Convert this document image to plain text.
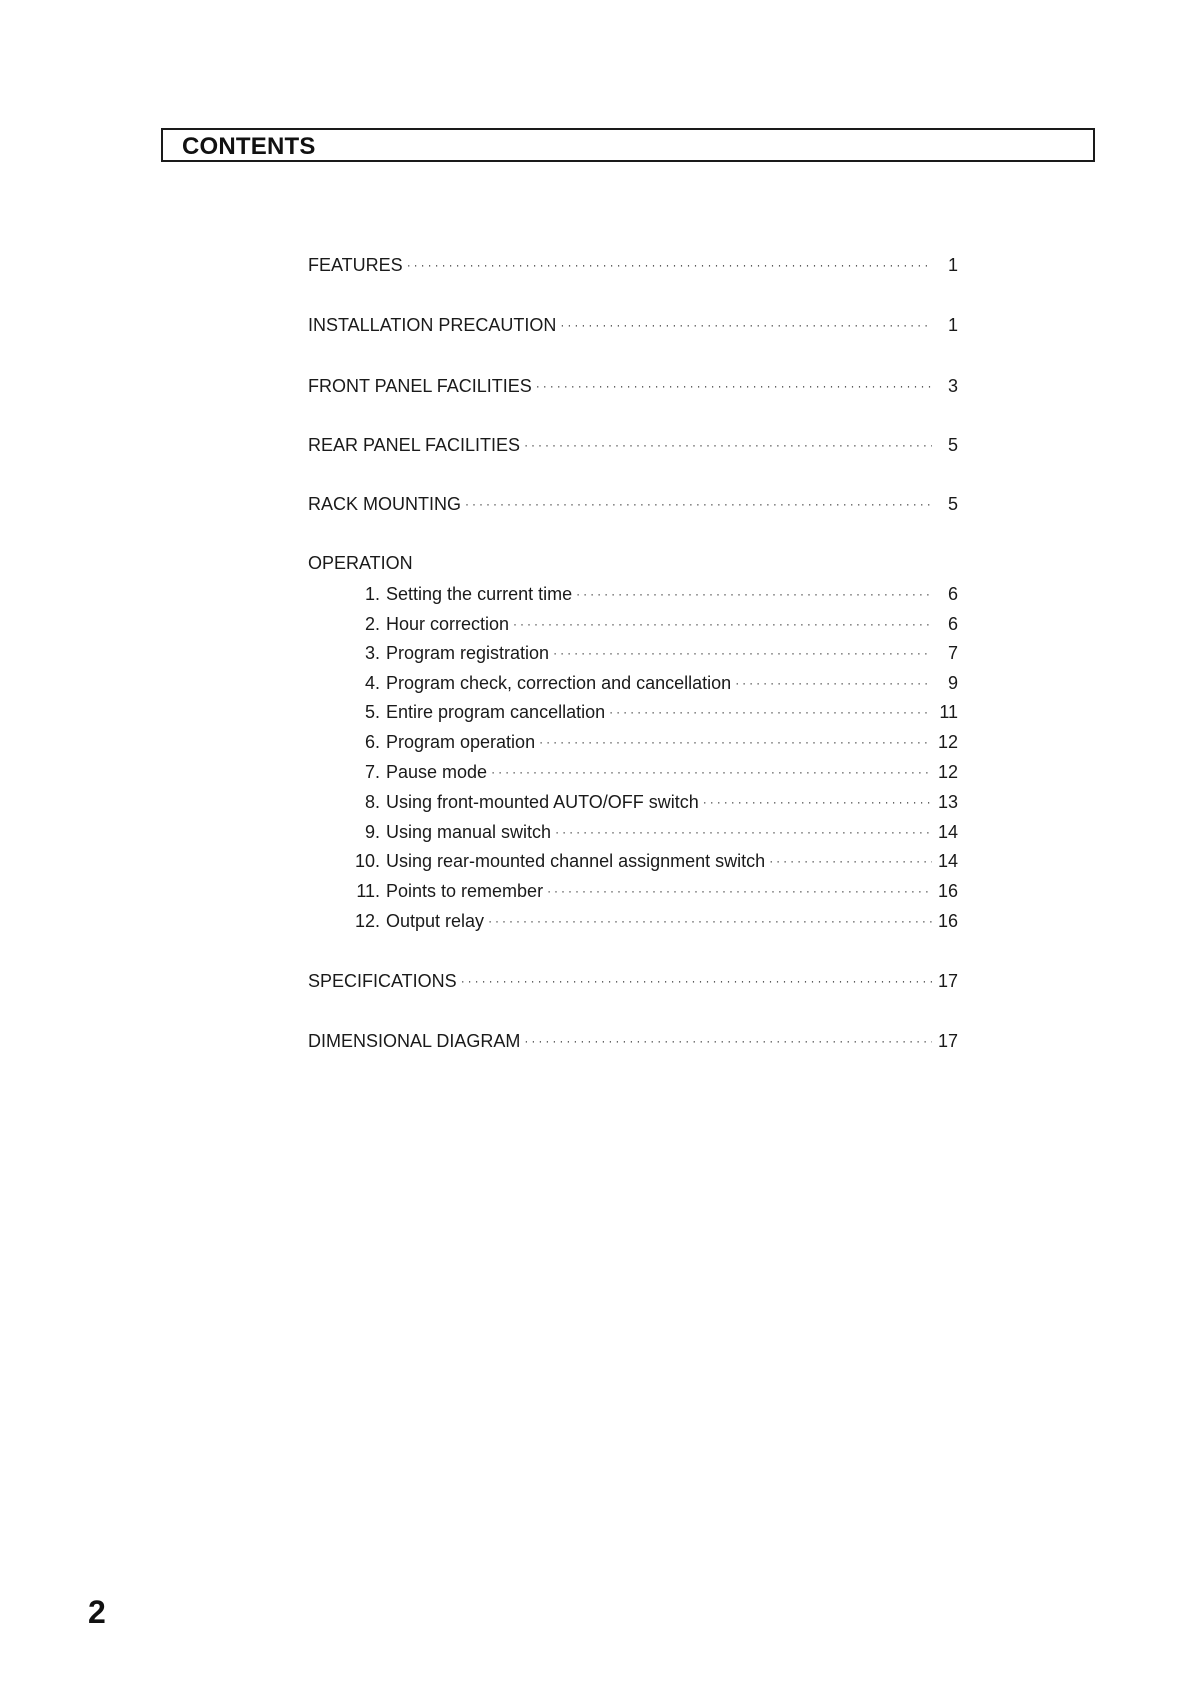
CONTENTS
FEATURES ·····	1
INSTALLATION PRECAUTION ·····	1
FRONT PANEL FACILITIES ·····	3
REAR PANEL FACILITIES ·····	5
RACK MOUNTING ·····	5
OPERATION
1. Setting the current time ·····	6
2. Hour correction ·····	6
3. Program registration ·····	7
4. Program check, correction and cancellation ·····	9
5. Entire program cancellation ·····	11
6. Program operation ·····	12
7. Pause mode ·····	12
8. Using front-mounted AUTO/OFF switch ·····	13
9. Using manual switch ·····	14
10. Using rear-mounted channel assignment switch ·····	14
11. Points to remember ·····	16
12. Output relay ·····	16
SPECIFICATIONS ·····	17
DIMENSIONAL DIAGRAM ·····	17
2
